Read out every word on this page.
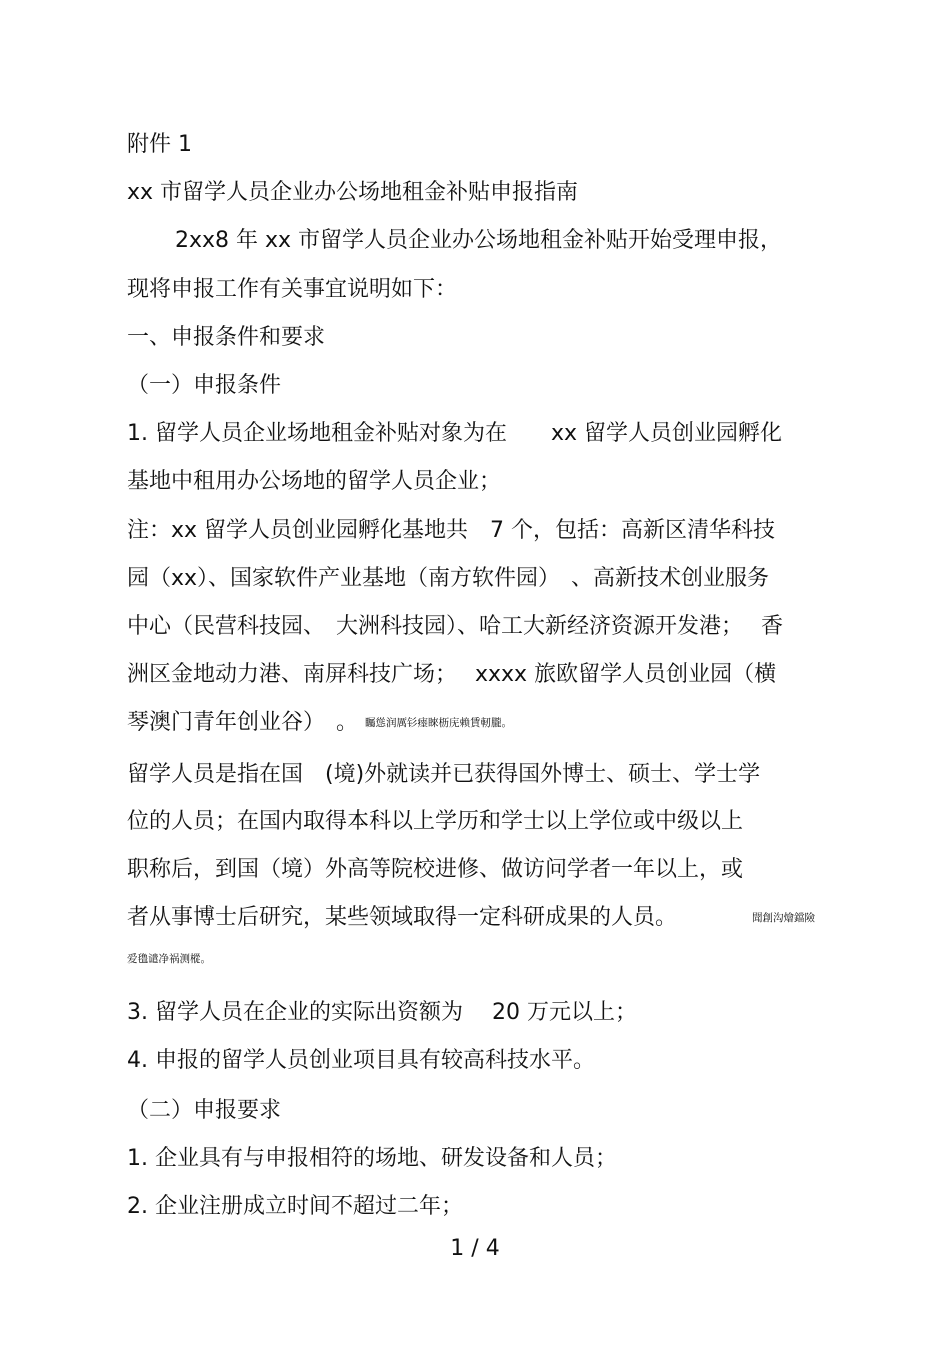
附件 1
xx 市留学人员企业办公场地租金补贴申报指南
2xx8 年 xx 市留学人员企业办公场地租金补贴开始受理申报，
现将申报工作有关事宜说明如下：
一、申报条件和要求
（一）申报条件
1. 留学人员企业场地租金补贴对象为在　　xx 留学人员创业园孵化
基地中租用办公场地的留学人员企业；
注：xx 留学人员创业园孵化基地共　7 个，包括：高新区清华科技
园（xx）、国家软件产业基地（南方软件园）　、高新技术创业服务
中心（民营科技园、　大洲科技园）、哈工大新经济资源开发港；　 香
洲区金地动力港、南屏科技广场；　 xxxx 旅欧留学人员创业园（横
琴澳门青年创业谷）　。 矚慫润厲钐瘗睞枥庑赖賃軔朧。
留学人员是指在国　(境)外就读并已获得国外博士、硕士、学士学
位的人员；在国内取得本科以上学历和学士以上学位或中级以上
职称后，到国（境）外高等院校进修、做访问学者一年以上，或
者从事博士后研究，某些领域取得一定科研成果的人员。	聞創沟燴鐺險
爱氇谴净祸测樅。
3. 留学人员在企业的实际出资额为　 20 万元以上；
4. 申报的留学人员创业项目具有较高科技水平。
（二）申报要求
1. 企业具有与申报相符的场地、研发设备和人员；
2. 企业注册成立时间不超过二年；
1 / 4
